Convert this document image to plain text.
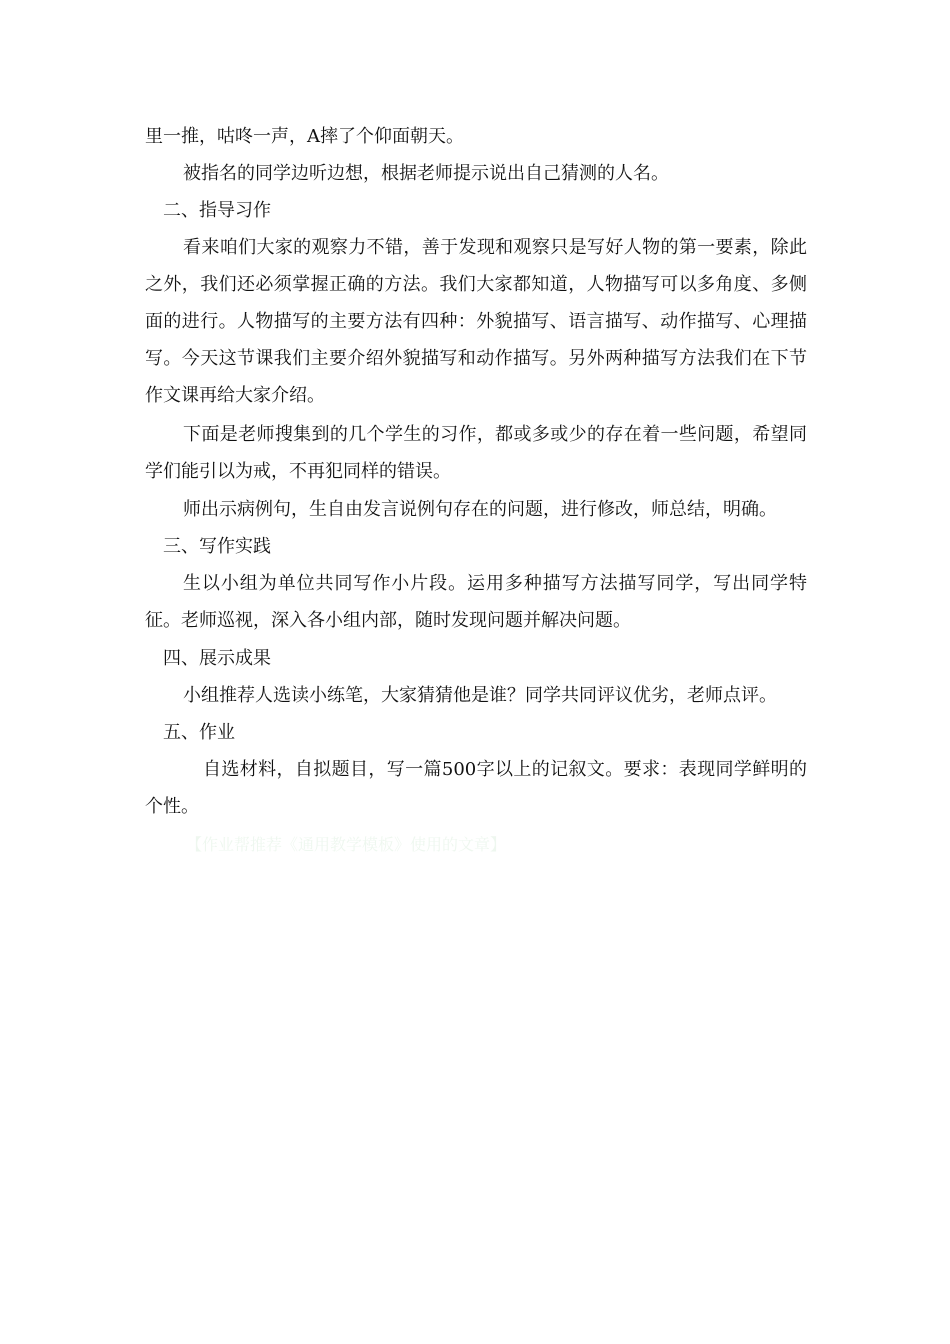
里一推，咕咚一声，A摔了个仰面朝天。

被指名的同学边听边想，根据老师提示说出自己猜测的人名。

二、指导习作

看来咱们大家的观察力不错，善于发现和观察只是写好人物的第一要素，除此之外，我们还必须掌握正确的方法。我们大家都知道，人物描写可以多角度、多侧面的进行。人物描写的主要方法有四种：外貌描写、语言描写、动作描写、心理描写。今天这节课我们主要介绍外貌描写和动作描写。另外两种描写方法我们在下节作文课再给大家介绍。

下面是老师搜集到的几个学生的习作，都或多或少的存在着一些问题，希望同学们能引以为戒，不再犯同样的错误。

师出示病例句，生自由发言说例句存在的问题，进行修改，师总结，明确。

三、写作实践

生以小组为单位共同写作小片段。运用多种描写方法描写同学，写出同学特征。老师巡视，深入各小组内部，随时发现问题并解决问题。

四、展示成果

小组推荐人选读小练笔，大家猜猜他是谁？同学共同评议优劣，老师点评。

五、作业

自选材料，自拟题目，写一篇500字以上的记叙文。要求：表现同学鲜明的个性。

【作业帮推荐《通用教学模板》使用的文章】
